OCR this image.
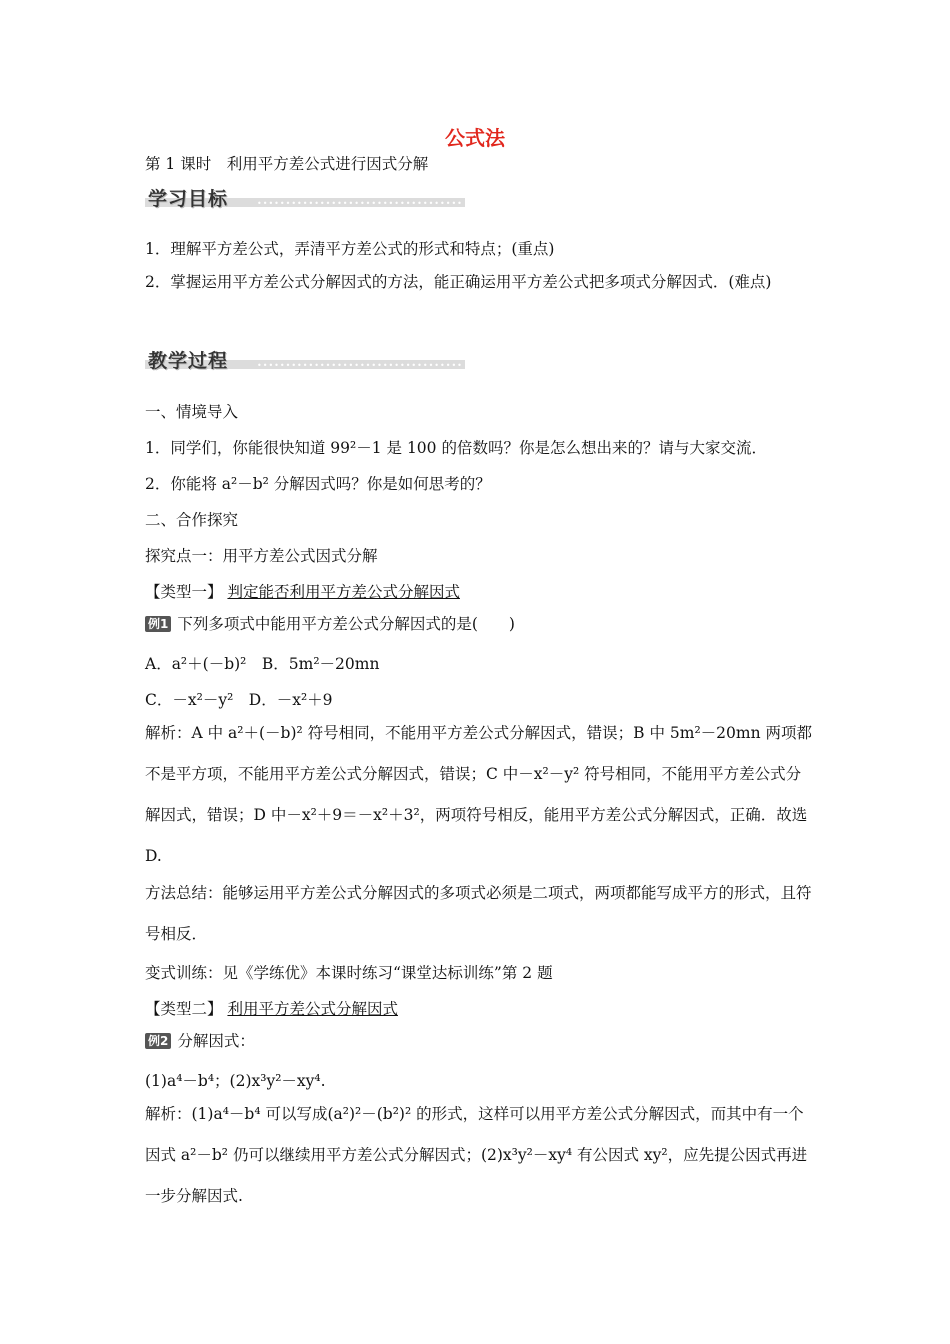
公式法
第 1 课时　利用平方差公式进行因式分解
••••••••••••••••••••••••••••••••••••
学习目标
1．理解平方差公式，弄清平方差公式的形式和特点；(重点)
2．掌握运用平方差公式分解因式的方法，能正确运用平方差公式把多项式分解因式．(难点)
••••••••••••••••••••••••••••••••••••
教学过程
一、情境导入
1．同学们，你能很快知道 99²－1 是 100 的倍数吗？你是怎么想出来的？请与大家交流．
2．你能将 a²－b² 分解因式吗？你是如何思考的？
二、合作探究
探究点一：用平方差公式因式分解
【类型一】 判定能否利用平方差公式分解因式
例1 下列多项式中能用平方差公式分解因式的是(　　)
A．a²＋(－b)²　B．5m²－20mn
C．－x²－y²　D．－x²＋9
解析：A 中 a²＋(－b)² 符号相同，不能用平方差公式分解因式，错误；B 中 5m²－20mn 两项都不是平方项，不能用平方差公式分解因式，错误；C 中－x²－y² 符号相同，不能用平方差公式分解因式，错误；D 中－x²＋9＝－x²＋3²，两项符号相反，能用平方差公式分解因式，正确．故选 D.
方法总结：能够运用平方差公式分解因式的多项式必须是二项式，两项都能写成平方的形式，且符号相反．
变式训练：见《学练优》本课时练习“课堂达标训练”第 2 题
【类型二】 利用平方差公式分解因式
例2 分解因式：
(1)a⁴－b⁴；(2)x³y²－xy⁴.
解析：(1)a⁴－b⁴ 可以写成(a²)²－(b²)² 的形式，这样可以用平方差公式分解因式，而其中有一个因式 a²－b² 仍可以继续用平方差公式分解因式；(2)x³y²－xy⁴ 有公因式 xy²，应先提公因式再进一步分解因式.
